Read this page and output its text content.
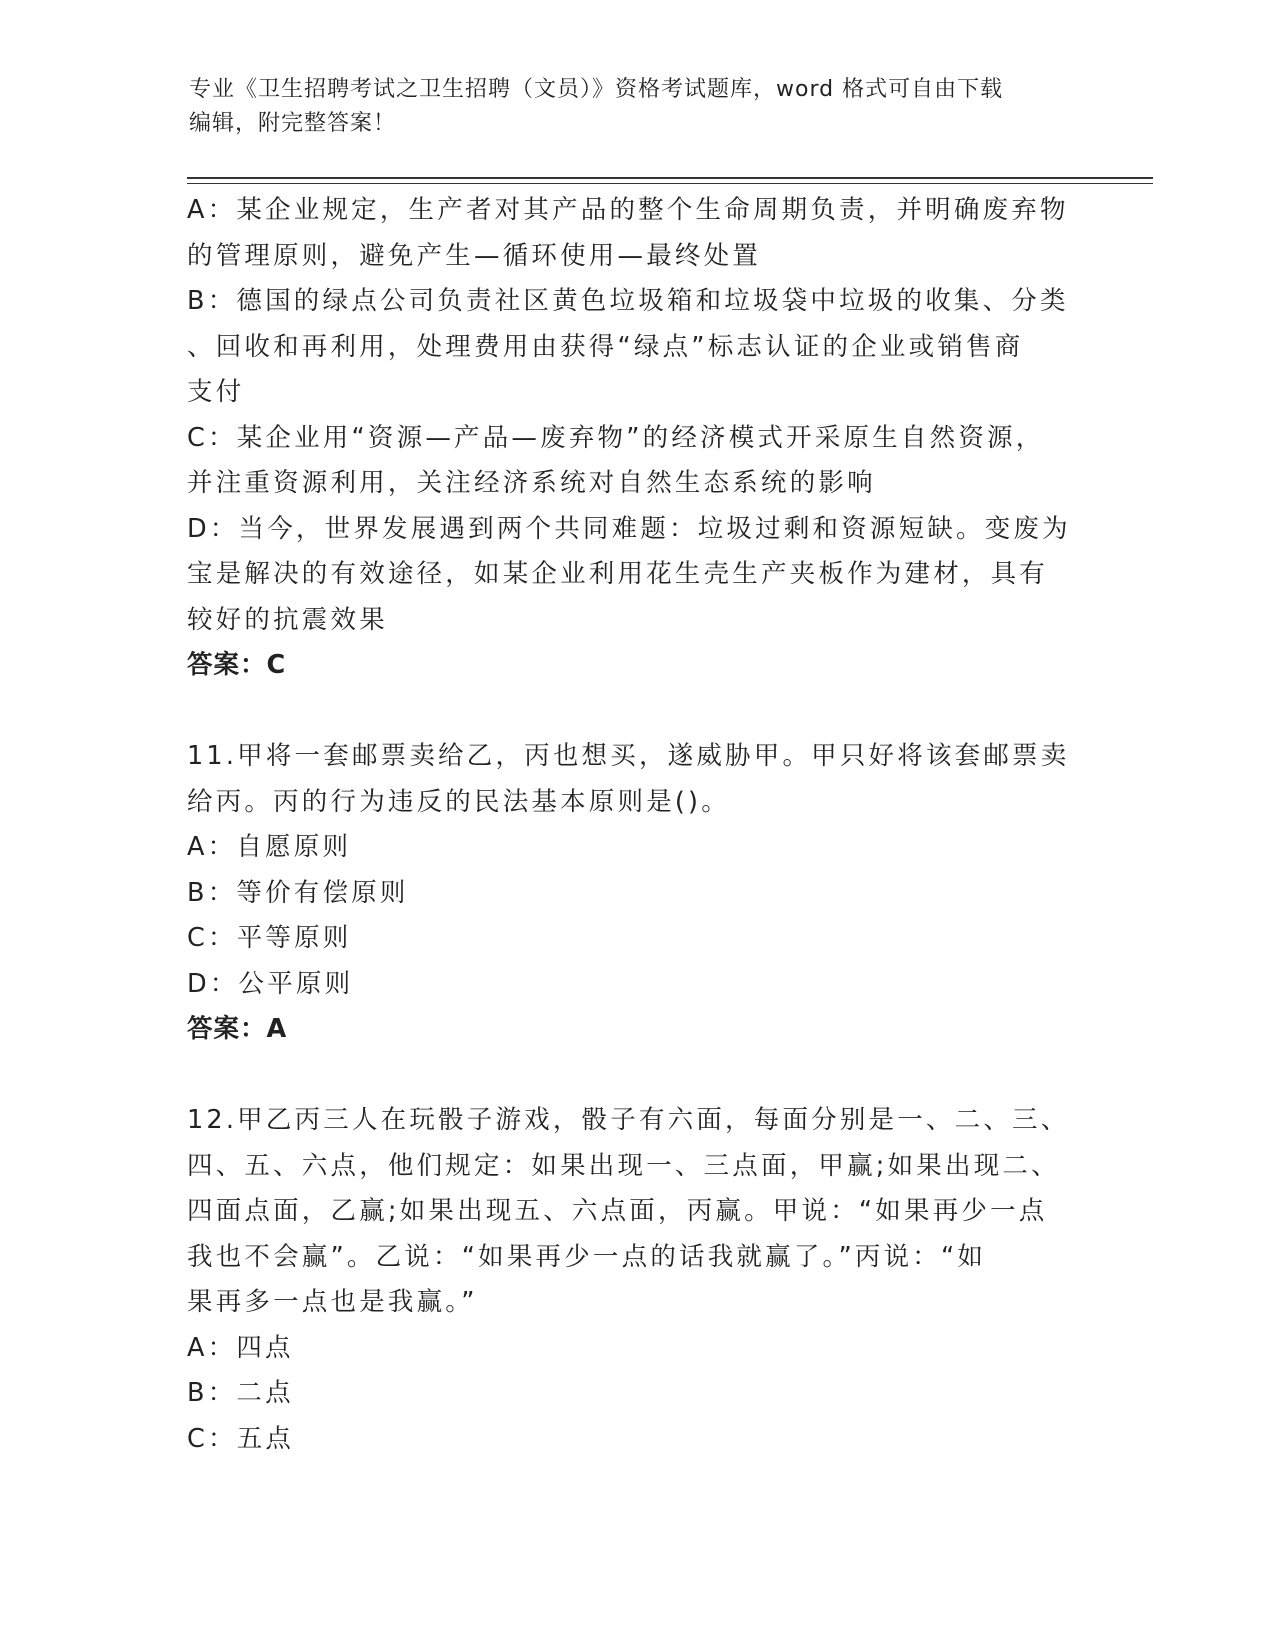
专业《卫生招聘考试之卫生招聘（文员）》资格考试题库，word 格式可自由下载
编辑，附完整答案！
A：某企业规定，生产者对其产品的整个生命周期负责，并明确废弃物
的管理原则，避免产生—循环使用—最终处置
B：德国的绿点公司负责社区黄色垃圾箱和垃圾袋中垃圾的收集、分类
、回收和再利用，处理费用由获得“绿点”标志认证的企业或销售商
支付
C：某企业用“资源—产品—废弃物”的经济模式开采原生自然资源，
并注重资源利用，关注经济系统对自然生态系统的影响
D：当今，世界发展遇到两个共同难题：垃圾过剩和资源短缺。变废为
宝是解决的有效途径，如某企业利用花生壳生产夹板作为建材，具有
较好的抗震效果
答案：C
11.甲将一套邮票卖给乙，丙也想买，遂威胁甲。甲只好将该套邮票卖
给丙。丙的行为违反的民法基本原则是()。
A：自愿原则
B：等价有偿原则
C：平等原则
D：公平原则
答案：A
12.甲乙丙三人在玩骰子游戏，骰子有六面，每面分别是一、二、三、
四、五、六点，他们规定：如果出现一、三点面，甲赢;如果出现二、
四面点面，乙赢;如果出现五、六点面，丙赢。甲说：“如果再少一点
我也不会赢”。乙说：“如果再少一点的话我就赢了。”丙说：“如
果再多一点也是我赢。”
A：四点
B：二点
C：五点
